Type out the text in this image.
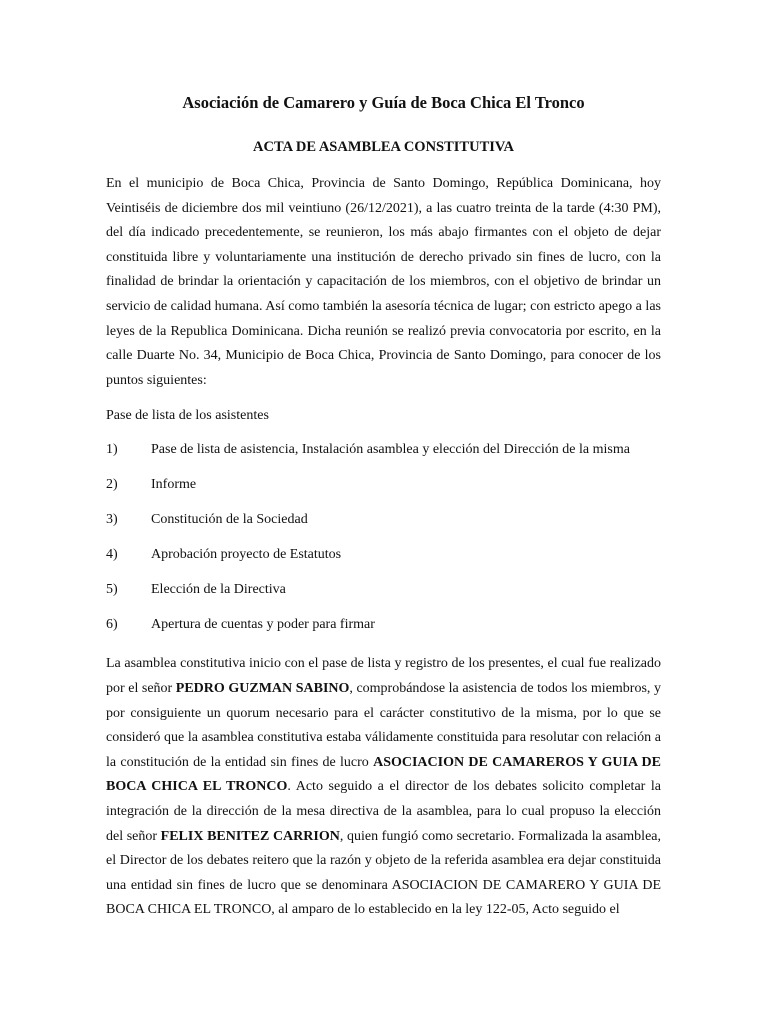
Asociación de Camarero y Guía de Boca Chica El Tronco
ACTA DE ASAMBLEA CONSTITUTIVA

En el municipio de Boca Chica, Provincia de Santo Domingo, República Dominicana, hoy Veintiséis de diciembre dos mil veintiuno (26/12/2021), a las cuatro treinta de la tarde (4:30 PM), del día indicado precedentemente, se reunieron, los más abajo firmantes con el objeto de dejar constituida libre y voluntariamente una institución de derecho privado sin fines de lucro, con la finalidad de brindar la orientación y capacitación de los miembros, con el objetivo de brindar un servicio de calidad humana. Así como también la asesoría técnica de lugar; con estricto apego a las leyes de la Republica Dominicana. Dicha reunión se realizó previa convocatoria por escrito, en la calle Duarte No. 34, Municipio de Boca Chica, Provincia de Santo Domingo, para conocer de los puntos siguientes:

Pase de lista de los asistentes

1)	Pase de lista de asistencia, Instalación asamblea y elección del Dirección de la misma
2)	Informe
3)	Constitución de la Sociedad
4)	Aprobación proyecto de Estatutos
5)	Elección de la Directiva
6)	Apertura de cuentas y poder para firmar

La asamblea constitutiva inicio con el pase de lista y registro de los presentes, el cual fue realizado por el señor PEDRO GUZMAN SABINO, comprobándose la asistencia de todos los miembros, y por consiguiente un quorum necesario para el carácter constitutivo de la misma, por lo que se consideró que la asamblea constitutiva estaba válidamente constituida para resolutar con relación a la constitución de la entidad sin fines de lucro ASOCIACION DE CAMAREROS Y GUIA DE BOCA CHICA EL TRONCO. Acto seguido a el director de los debates solicito completar la integración de la dirección de la mesa directiva de la asamblea, para lo cual propuso la elección del señor FELIX BENITEZ CARRION, quien fungió como secretario. Formalizada la asamblea, el Director de los debates reitero que la razón y objeto de la referida asamblea era dejar constituida una entidad sin fines de lucro que se denominara ASOCIACION DE CAMARERO Y GUIA DE BOCA CHICA EL TRONCO, al amparo de lo establecido en la ley 122-05, Acto seguido el
